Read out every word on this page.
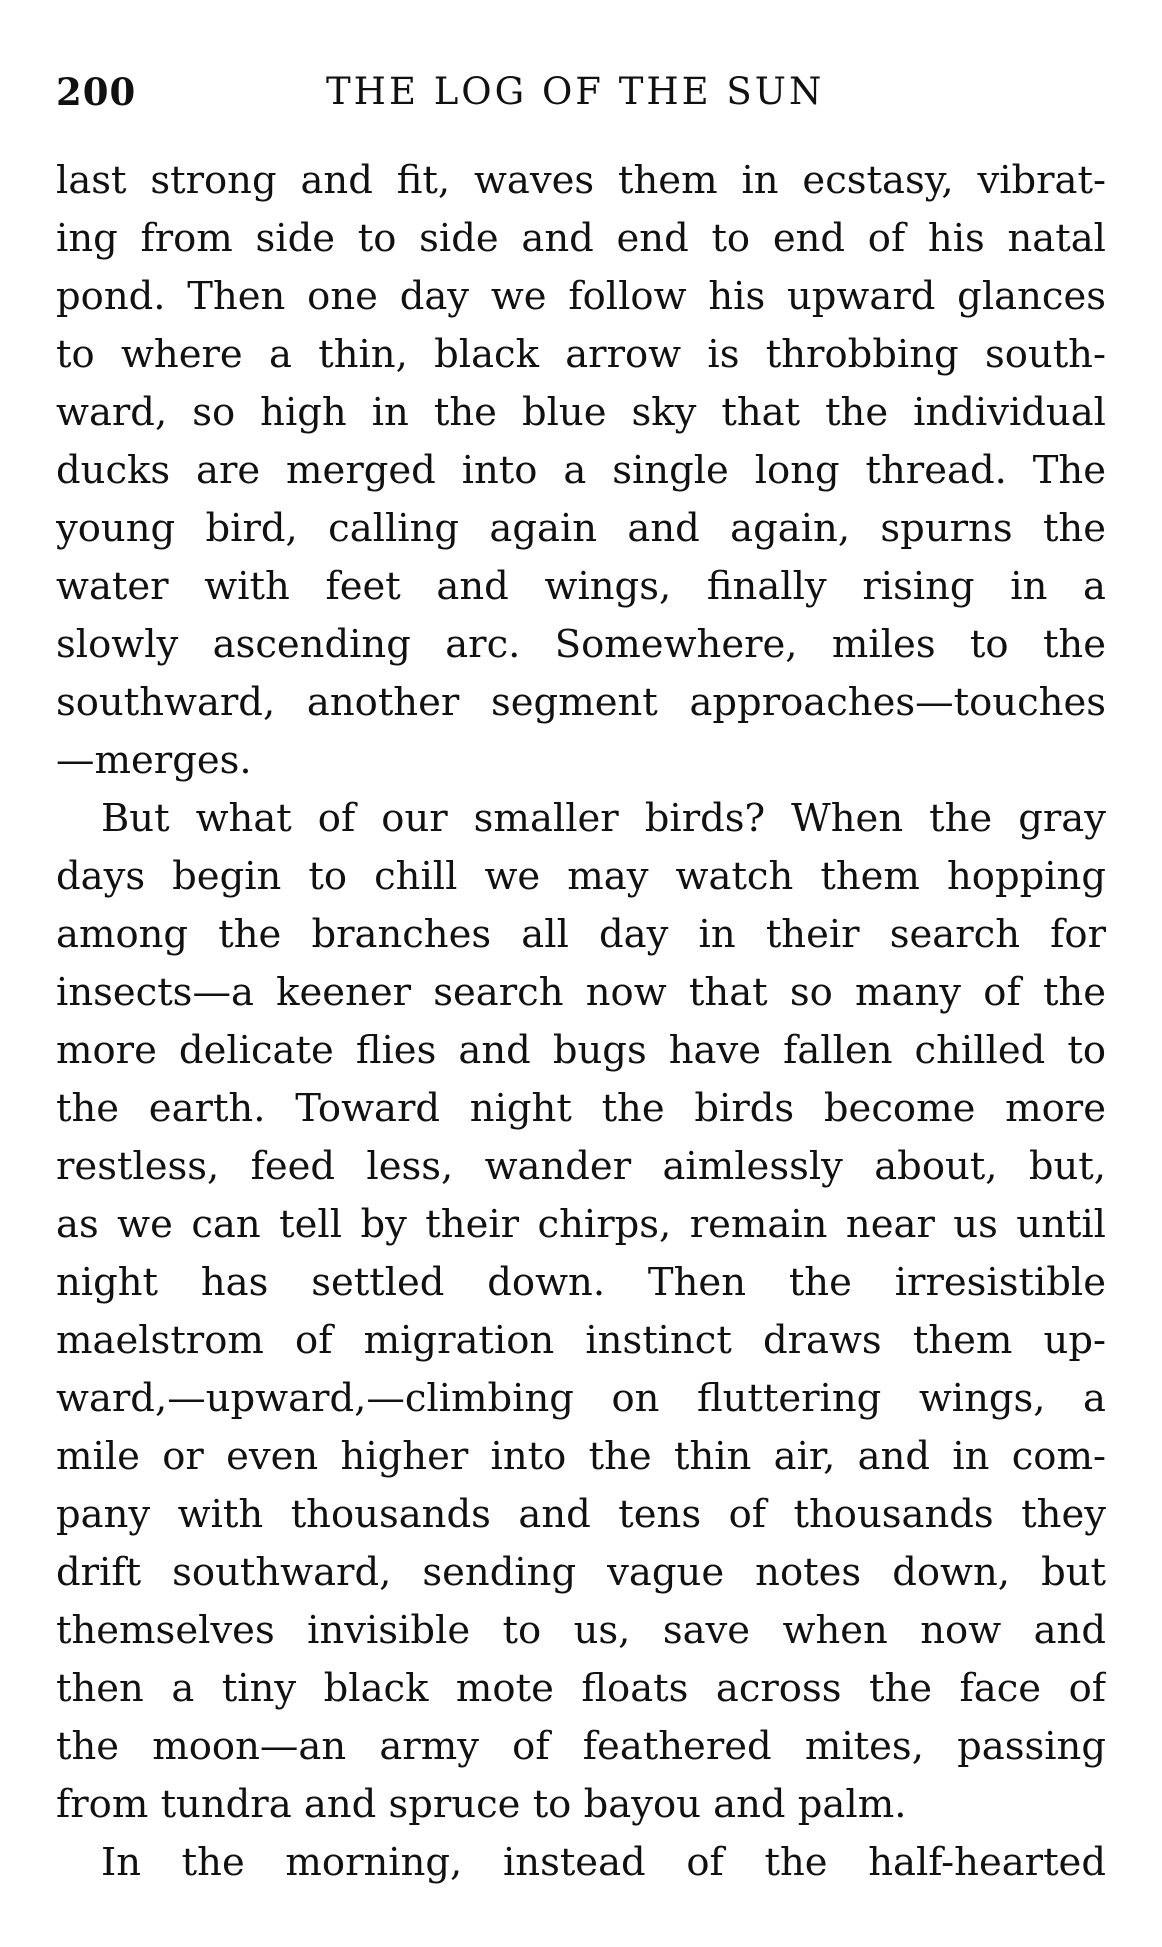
200	THE LOG OF THE SUN
last strong and fit, waves them in ecstasy, vibrat-
ing from side to side and end to end of his natal
pond. Then one day we follow his upward glances
to where a thin, black arrow is throbbing south-
ward, so high in the blue sky that the individual
ducks are merged into a single long thread. The
young bird, calling again and again, spurns the
water with feet and wings, finally rising in a
slowly ascending arc. Somewhere, miles to the
southward, another segment approaches—touches
—merges.
But what of our smaller birds? When the gray
days begin to chill we may watch them hopping
among the branches all day in their search for
insects—a keener search now that so many of the
more delicate flies and bugs have fallen chilled to
the earth. Toward night the birds become more
restless, feed less, wander aimlessly about, but,
as we can tell by their chirps, remain near us until
night has settled down. Then the irresistible
maelstrom of migration instinct draws them up-
ward,—upward,—climbing on fluttering wings, a
mile or even higher into the thin air, and in com-
pany with thousands and tens of thousands they
drift southward, sending vague notes down, but
themselves invisible to us, save when now and
then a tiny black mote floats across the face of
the moon—an army of feathered mites, passing
from tundra and spruce to bayou and palm.
In the morning, instead of the half-hearted
